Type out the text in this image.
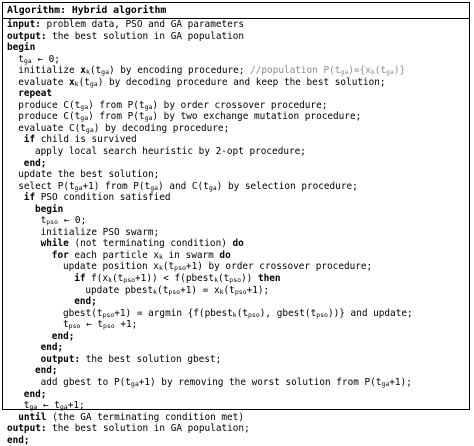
Algorithm: Hybrid algorithm
input: problem data, PSO and GA parameters
output: the best solution in GA population
begin
$t_{ga}$ ← 0;
initialize $x_k(t_{ga})$ by encoding procedure; //population $P(t_{ga})=\{x_k(t_{ga})\}$
evaluate $x_k(t_{ga})$ by decoding procedure and keep the best solution;
repeat
produce $C(t_{ga})$ from $P(t_{ga})$ by order crossover procedure;
produce $C(t_{ga})$ from $P(t_{ga})$ by two exchange mutation procedure;
evaluate $C(t_{ga})$ by decoding procedure;
if child is survived
apply local search heuristic by 2-opt procedure;
end;
update the best solution;
select $P(t_{ga}+1)$ from $P(t_{ga})$ and $C(t_{ga})$ by selection procedure;
if PSO condition satisfied
begin
$t_{pso}$ ← 0;
initialize PSO swarm;
while (not terminating condition) do
for each particle $x_k$ in swarm do
update position $x_k(t_{pso}+1)$ by order crossover procedure;
if $f(x_k(t_{pso}+1))$ < $f(pbest_k(t_{pso}))$ then
update $pbest_k(t_{pso}+1) = x_k(t_{pso}+1)$;
end;
$gbest(t_{pso}+1) = argmin$ {$f(pbest_k(t_{pso})$, $gbest(t_{pso})$)} and update;
$t_{pso}$ ← $t_{pso} +1$;
end;
end;
output: the best solution gbest;
end;
add gbest to $P(t_{ga}+1)$ by removing the worst solution from $P(t_{ga}+1)$;
end;
$t_{ga}$ ← $t_{ga}+1$;
until (the GA terminating condition met)
output: the best solution in GA population;
end;
